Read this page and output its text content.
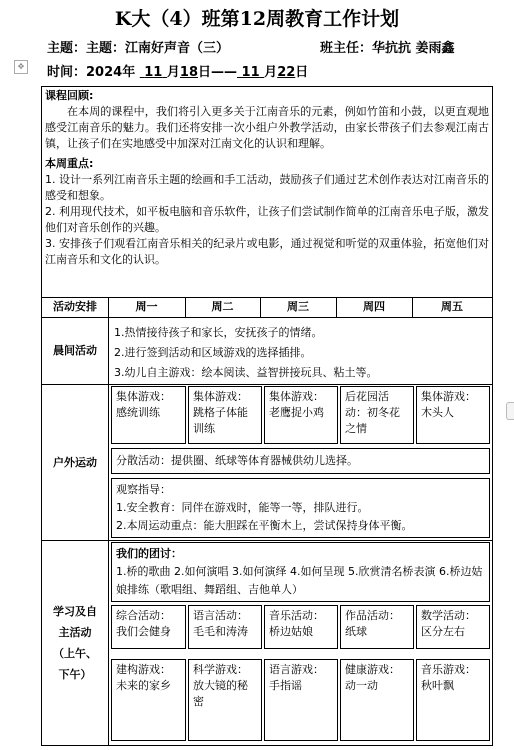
K大（4）班第12周教育工作计划
主题：主题：江南好声音（三）	班主任：华抗抗 姜雨鑫
✥ 时间：2024年 11 月18日—— 11 月22日

课程回顾:

在本周的课程中，我们将引入更多关于江南音乐的元素，例如竹笛和小鼓，以更直观地感受江南音乐的魅力。我们还将安排一次小组户外教学活动，由家长带孩子们去参观江南古镇，让孩子们在实地感受中加深对江南文化的认识和理解。

本周重点:

1. 设计一系列江南音乐主题的绘画和手工活动，鼓励孩子们通过艺术创作表达对江南音乐的感受和想象。

2. 利用现代技术，如平板电脑和音乐软件，让孩子们尝试制作简单的江南音乐电子版，激发他们对音乐创作的兴趣。

3. 安排孩子们观看江南音乐相关的纪录片或电影，通过视觉和听觉的双重体验，拓宽他们对江南音乐和文化的认识。

活动安排	周一	周二	周三	周四	周五
晨间活动

1.热情接待孩子和家长，安抚孩子的情绪。

2.进行签到活动和区域游戏的选择插排。

3.幼儿自主游戏：绘本阅读、益智拼接玩具、粘土等。

户外运动
集体游戏：
感统训练
集体游戏：跳格子体能训练
集体游戏：老鹰捉小鸡
后花园活动：初冬花之情
集体游戏：
木头人
分散活动：提供圈、纸球等体育器械供幼儿选择。

观察指导：

1.安全教育：同伴在游戏时，能等一等，排队进行。

2.本周运动重点：能大胆踩在平衡木上，尝试保持身体平衡。

学习及自主活动（上午、下午）

我们的团讨：

1.桥的歌曲 2.如何演唱 3.如何演绎 4.如何呈现 5.欣赏清名桥表演 6.桥边姑娘排练（歌唱组、舞蹈组、吉他单人）

综合活动：
我们会健身
语言活动：
毛毛和涛涛
音乐活动：
桥边姑娘
作品活动：
纸球
数学活动：
区分左右
建构游戏：
未来的家乡
科学游戏：
放大镜的秘密
语言游戏：
手指谣
健康游戏：
动一动
音乐游戏：
秋叶飘
